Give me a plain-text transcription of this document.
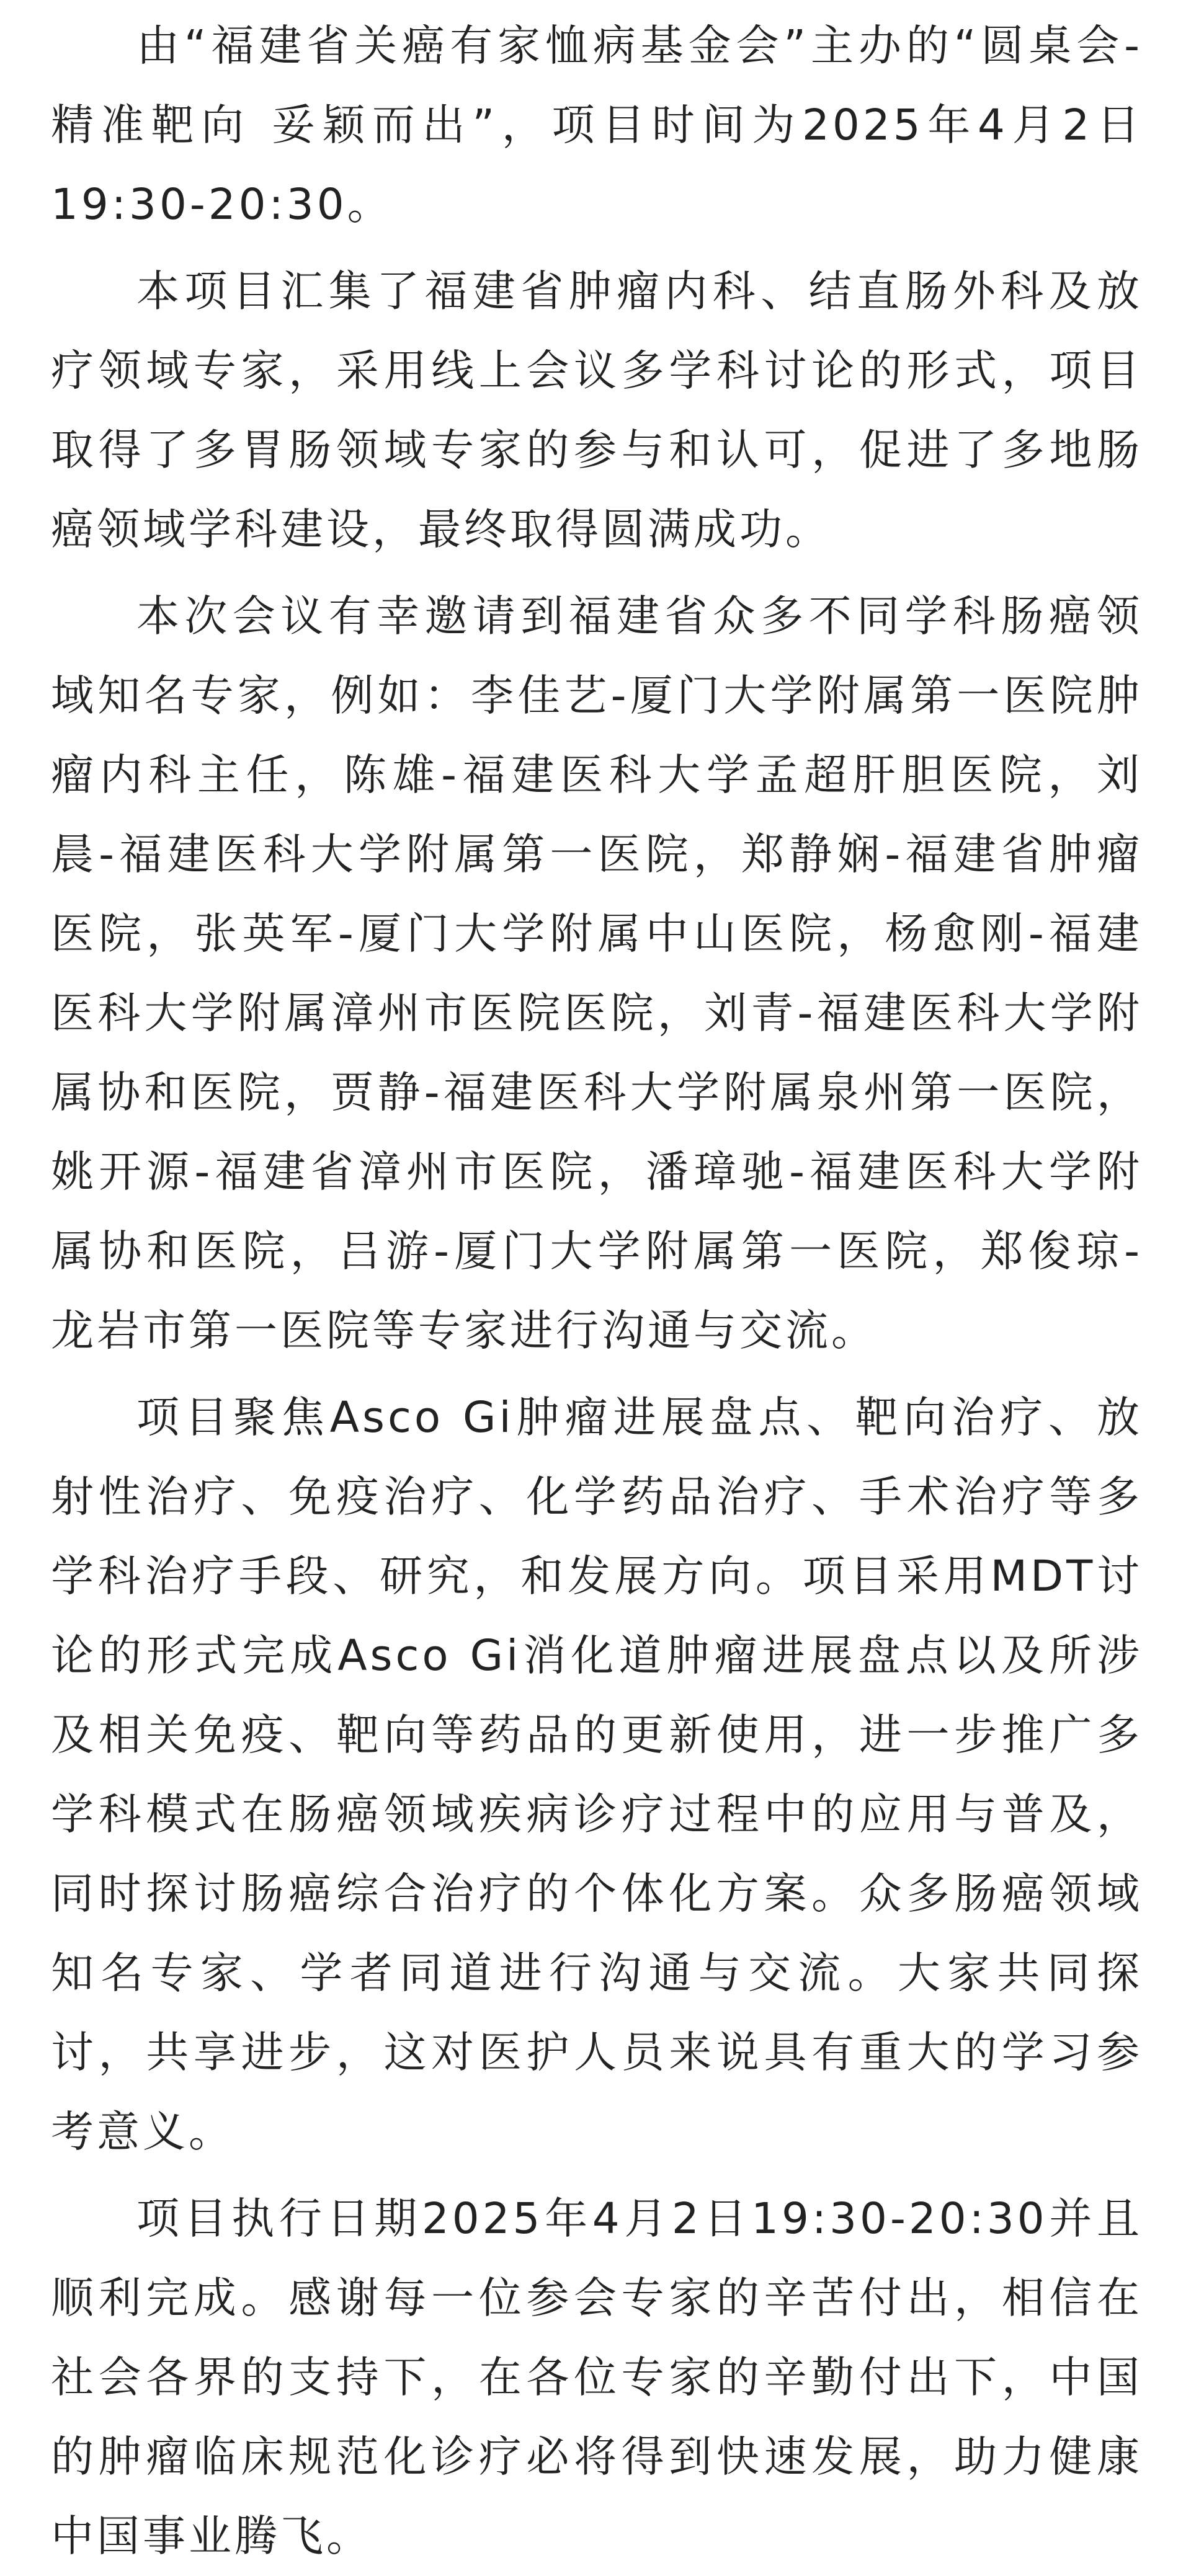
由“福建省关癌有家恤病基金会”主办的“圆桌会-精准靶向 妥颖而出”，项目时间为2025年4月2日19:30-20:30。

本项目汇集了福建省肿瘤内科、结直肠外科及放疗领域专家，采用线上会议多学科讨论的形式，项目取得了多胃肠领域专家的参与和认可，促进了多地肠癌领域学科建设，最终取得圆满成功。

本次会议有幸邀请到福建省众多不同学科肠癌领域知名专家，例如：李佳艺-厦门大学附属第一医院肿瘤内科主任，陈雄-福建医科大学孟超肝胆医院，刘晨-福建医科大学附属第一医院，郑静娴-福建省肿瘤医院，张英军-厦门大学附属中山医院，杨愈刚-福建医科大学附属漳州市医院医院，刘青-福建医科大学附属协和医院，贾静-福建医科大学附属泉州第一医院，姚开源-福建省漳州市医院，潘璋驰-福建医科大学附属协和医院，吕游-厦门大学附属第一医院，郑俊琼-龙岩市第一医院等专家进行沟通与交流。

项目聚焦Asco Gi肿瘤进展盘点、靶向治疗、放射性治疗、免疫治疗、化学药品治疗、手术治疗等多学科治疗手段、研究，和发展方向。项目采用MDT讨论的形式完成Asco Gi消化道肿瘤进展盘点以及所涉及相关免疫、靶向等药品的更新使用，进一步推广多学科模式在肠癌领域疾病诊疗过程中的应用与普及，同时探讨肠癌综合治疗的个体化方案。众多肠癌领域知名专家、学者同道进行沟通与交流。大家共同探讨，共享进步，这对医护人员来说具有重大的学习参考意义。

项目执行日期2025年4月2日19:30-20:30并且顺利完成。感谢每一位参会专家的辛苦付出，相信在社会各界的支持下，在各位专家的辛勤付出下，中国的肿瘤临床规范化诊疗必将得到快速发展，助力健康中国事业腾飞。
